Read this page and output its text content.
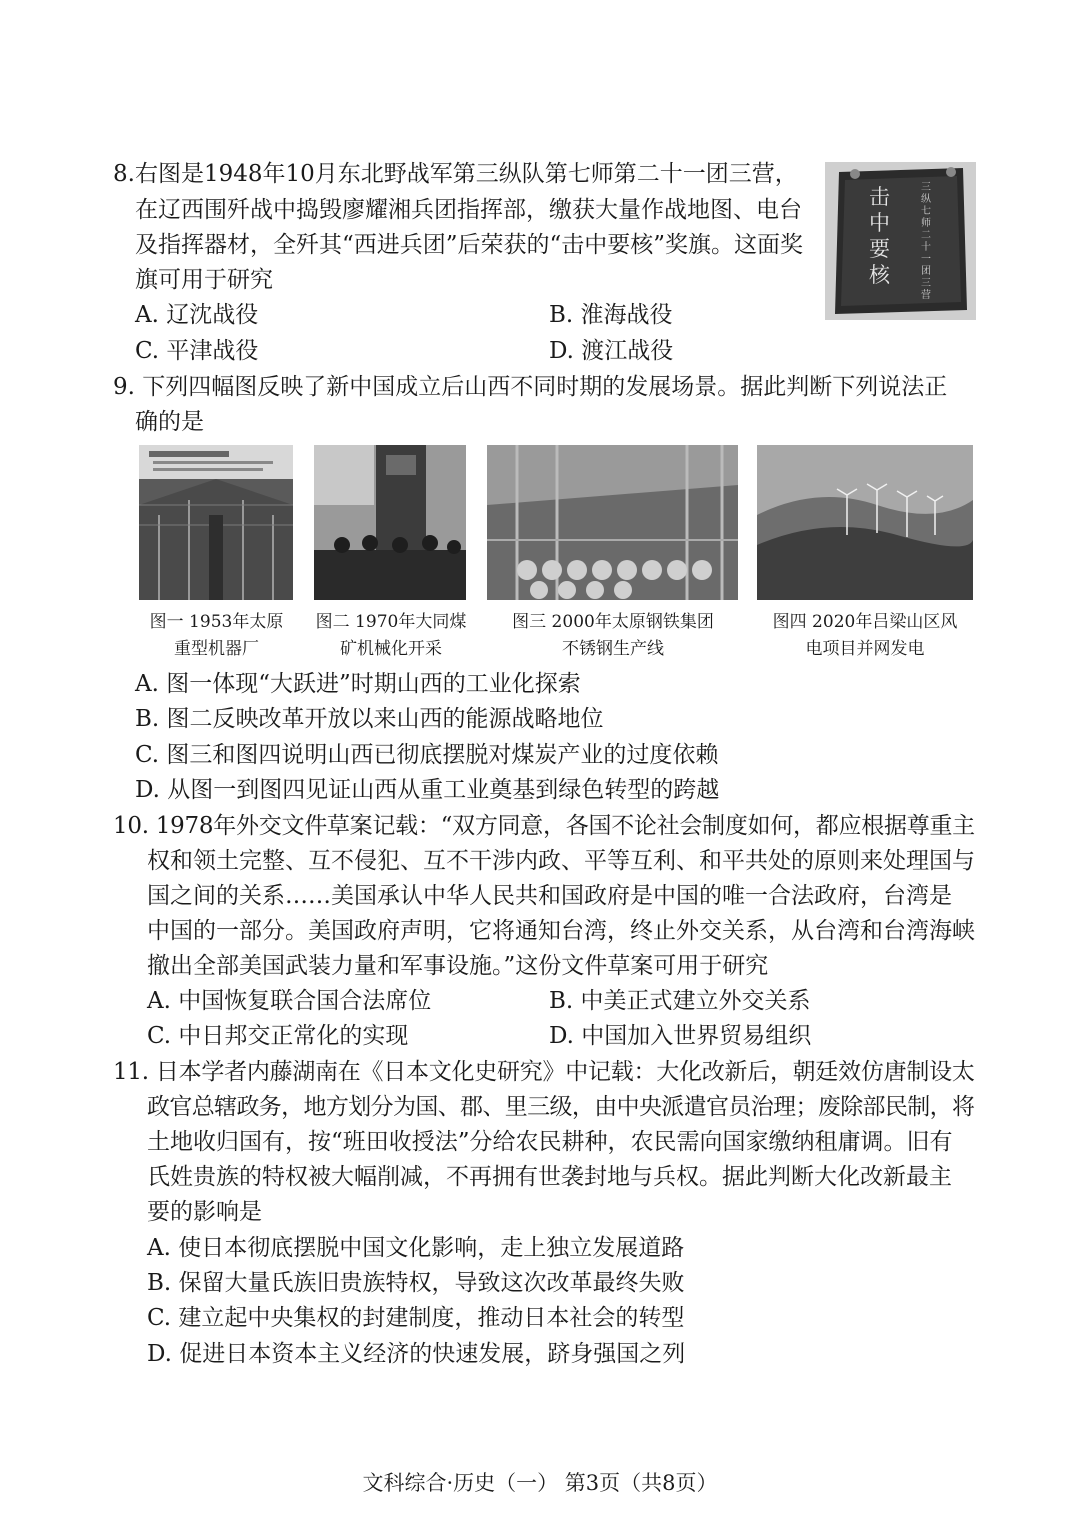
8.右图是1948年10月东北野战军第三纵队第七师第二十一团三营，
在辽西围歼战中捣毁廖耀湘兵团指挥部，缴获大量作战地图、电台
及指挥器材，全歼其“西进兵团”后荣获的“击中要核”奖旗。这面奖
旗可用于研究
A. 辽沈战役	B. 淮海战役
C. 平津战役	D. 渡江战役
击中要核
三纵七师二十一团三营
9. 下列四幅图反映了新中国成立后山西不同时期的发展场景。据此判断下列说法正
确的是
图一 1953年太原
重型机器厂
图二 1970年大同煤
矿机械化开采
图三 2000年太原钢铁集团
不锈钢生产线
图四 2020年吕梁山区风
电项目并网发电
A. 图一体现“大跃进”时期山西的工业化探索
B. 图二反映改革开放以来山西的能源战略地位
C. 图三和图四说明山西已彻底摆脱对煤炭产业的过度依赖
D. 从图一到图四见证山西从重工业奠基到绿色转型的跨越
10. 1978年外交文件草案记载：“双方同意，各国不论社会制度如何，都应根据尊重主
权和领土完整、互不侵犯、互不干涉内政、平等互利、和平共处的原则来处理国与
国之间的关系……美国承认中华人民共和国政府是中国的唯一合法政府，台湾是
中国的一部分。美国政府声明，它将通知台湾，终止外交关系，从台湾和台湾海峡
撤出全部美国武装力量和军事设施。”这份文件草案可用于研究
A. 中国恢复联合国合法席位	B. 中美正式建立外交关系
C. 中日邦交正常化的实现	D. 中国加入世界贸易组织
11. 日本学者内藤湖南在《日本文化史研究》中记载：大化改新后，朝廷效仿唐制设太
政官总辖政务，地方划分为国、郡、里三级，由中央派遣官员治理；废除部民制，将
土地收归国有，按“班田收授法”分给农民耕种，农民需向国家缴纳租庸调。旧有
氏姓贵族的特权被大幅削减，不再拥有世袭封地与兵权。据此判断大化改新最主
要的影响是
A. 使日本彻底摆脱中国文化影响，走上独立发展道路
B. 保留大量氏族旧贵族特权，导致这次改革最终失败
C. 建立起中央集权的封建制度，推动日本社会的转型
D. 促进日本资本主义经济的快速发展，跻身强国之列
文科综合·历史（一） 第3页（共8页）
